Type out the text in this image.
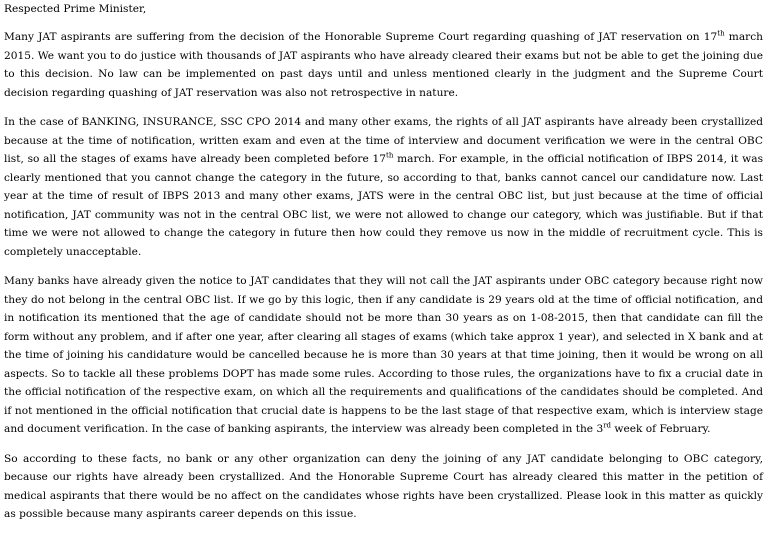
Respected Prime Minister,

Many JAT aspirants are suffering from the decision of the Honorable Supreme Court regarding quashing of JAT reservation on 17th march 2015. We want you to do justice with thousands of JAT aspirants who have already cleared their exams but not be able to get the joining due to this decision. No law can be implemented on past days until and unless mentioned clearly in the judgment and the Supreme Court decision regarding quashing of JAT reservation was also not retrospective in nature.

In the case of BANKING, INSURANCE, SSC CPO 2014 and many other exams, the rights of all JAT aspirants have already been crystallized because at the time of notification, written exam and even at the time of interview and document verification we were in the central OBC list, so all the stages of exams have already been completed before 17th march. For example, in the official notification of IBPS 2014, it was clearly mentioned that you cannot change the category in the future, so according to that, banks cannot cancel our candidature now. Last year at the time of result of IBPS 2013 and many other exams, JATS were in the central OBC list, but just because at the time of official notification, JAT community was not in the central OBC list, we were not allowed to change our category, which was justifiable. But if that time we were not allowed to change the category in future then how could they remove us now in the middle of recruitment cycle. This is completely unacceptable.

Many banks have already given the notice to JAT candidates that they will not call the JAT aspirants under OBC category because right now they do not belong in the central OBC list. If we go by this logic, then if any candidate is 29 years old at the time of official notification, and in notification its mentioned that the age of candidate should not be more than 30 years as on 1-08-2015, then that candidate can fill the form without any problem, and if after one year, after clearing all stages of exams (which take approx 1 year), and selected in X bank and at the time of joining his candidature would be cancelled because he is more than 30 years at that time joining, then it would be wrong on all aspects. So to tackle all these problems DOPT has made some rules. According to those rules, the organizations have to fix a crucial date in the official notification of the respective exam, on which all the requirements and qualifications of the candidates should be completed. And if not mentioned in the official notification that crucial date is happens to be the last stage of that respective exam, which is interview stage and document verification. In the case of banking aspirants, the interview was already been completed in the 3rd week of February.

So according to these facts, no bank or any other organization can deny the joining of any JAT candidate belonging to OBC category, because our rights have already been crystallized. And the Honorable Supreme Court has already cleared this matter in the petition of medical aspirants that there would be no affect on the candidates whose rights have been crystallized. Please look in this matter as quickly as possible because many aspirants career depends on this issue.
